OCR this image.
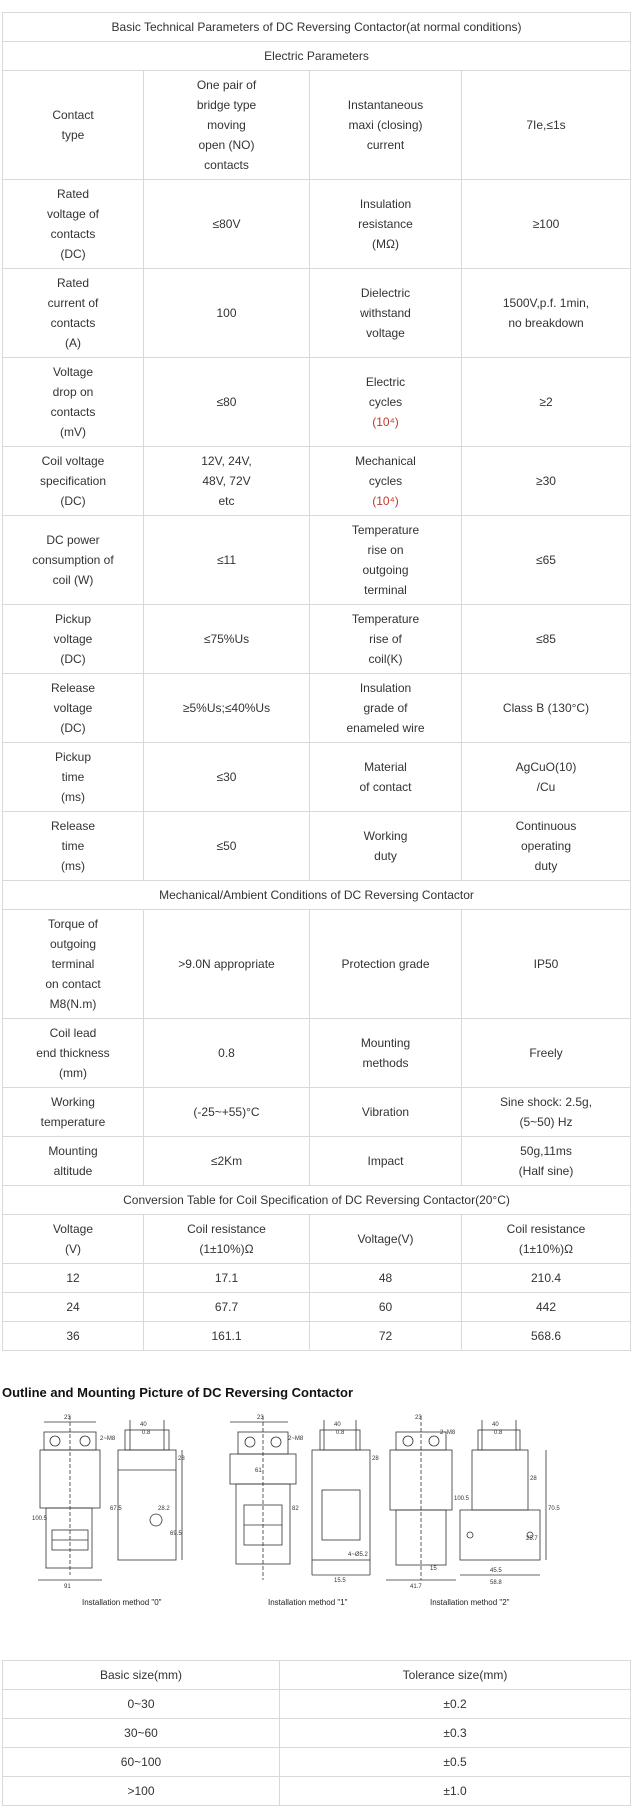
Basic Technical Parameters of DC Reversing Contactor(at normal conditions)			
Electric Parameters			

Contact
type	One pair of
bridge type
moving
open (NO)
contacts	Instantaneous
maxi (closing)
current	7Ie,≤1s

Rated
voltage of
contacts
(DC)	≤80V	Insulation
resistance
(MΩ)	≥100

Rated
current of
contacts
(A)	100	Dielectric
withstand
voltage	1500V,p.f. 1min,
no breakdown

Voltage
drop on
contacts
(mV)	≤80	Electric
cycles
(10⁴)	≥2

Coil voltage
specification
(DC)	12V, 24V,
48V, 72V
etc	Mechanical
cycles
(10⁴)	≥30

DC power
consumption of
coil (W)	≤11	Temperature
rise on
outgoing
terminal	≤65

Pickup
voltage
(DC)	≤75%Us	Temperature
rise of
coil(K)	≤85

Release
voltage
(DC)	≥5%Us;≤40%Us	Insulation
grade of
enameled wire	Class B (130°C)

Pickup
time
(ms)	≤30	Material
of contact	AgCuO(10)
/Cu

Release
time
(ms)	≤50	Working
duty	Continuous
operating
duty

Mechanical/Ambient Conditions of DC Reversing Contactor			

Torque of
outgoing
terminal
on contact
M8(N.m)	>9.0N appropriate	Protection grade	IP50

Coil lead
end thickness
(mm)	0.8	Mounting
methods	Freely

Working
temperature	(-25~+55)°C	Vibration	Sine shock: 2.5g,
(5~50) Hz

Mounting
altitude	≤2Km	Impact	50g,11ms
(Half sine)

Conversion Table for Coil Specification of DC Reversing Contactor(20°C)			

Voltage
(V)	Coil resistance
(1±10%)Ω	Voltage(V)	Coil resistance
(1±10%)Ω

12	17.1	48	210.4

24	67.7	60	442

36	161.1	72	568.6
Outline and Mounting Picture of DC Reversing Contactor
23
2~M8
100.5
91
40
0.8
28
67.5
69.5
28.2
23
2~M8
61
82
40
0.8
28
4~Ø5.2
15.5
23
2~M8
100.5
41.7
15
40
0.8
28
70.5
25.7
45.5
58.8
Installation method "0"	Installation method "1"	Installation method "2"
Basic size(mm)	Tolerance size(mm)
0~30	±0.2
30~60	±0.3
60~100	±0.5
>100	±1.0
